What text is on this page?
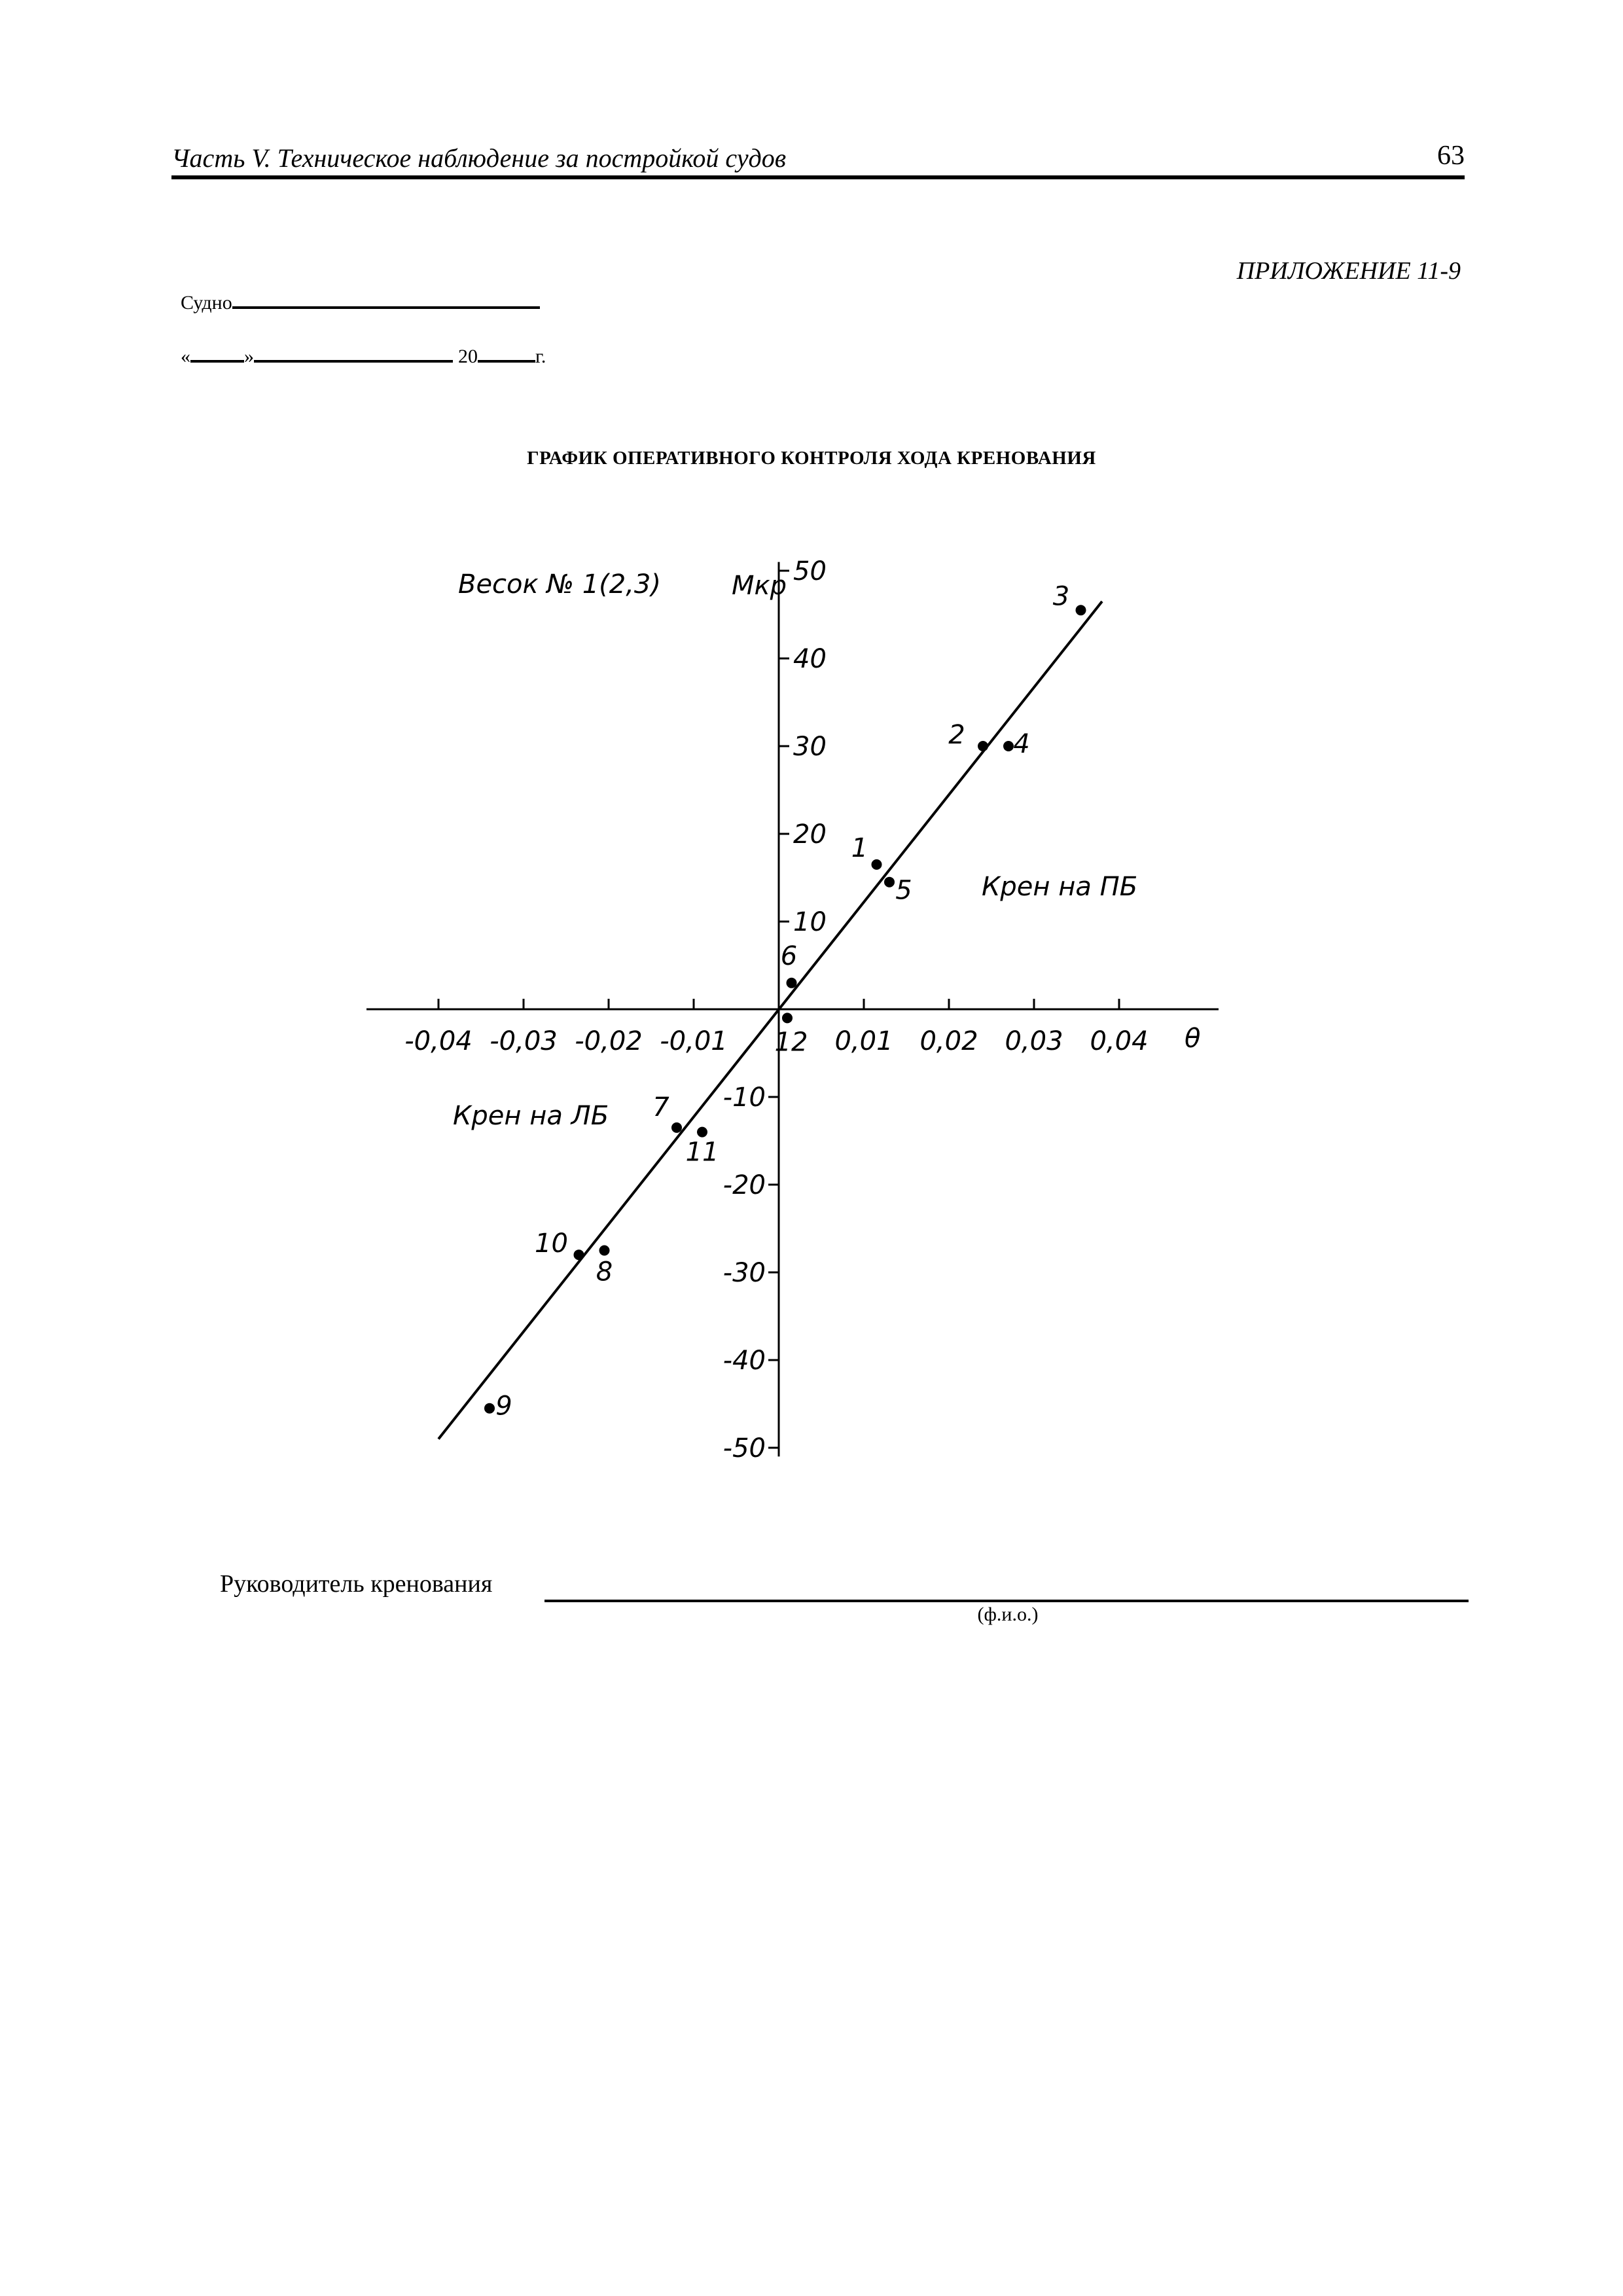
Часть V. Техническое наблюдение за постройкой судов	63
ПРИЛОЖЕНИЕ 11-9
Судно
«	»	20	г.
ГРАФИК ОПЕРАТИВНОГО КОНТРОЛЯ ХОДА КРЕНОВАНИЯ
-0,04 -0,03 -0,02 -0,01	0,01 0,02 0,03 0,04
50
40
30
20
10
-10
-20
-30
-40
-50
1
2
3
4
5
6
7
8
9
10
11
12
Весок № 1(2,3)	Mкр
θ
Крен на ПБ
Крен на ЛБ
Руководитель кренования
(ф.и.о.)
